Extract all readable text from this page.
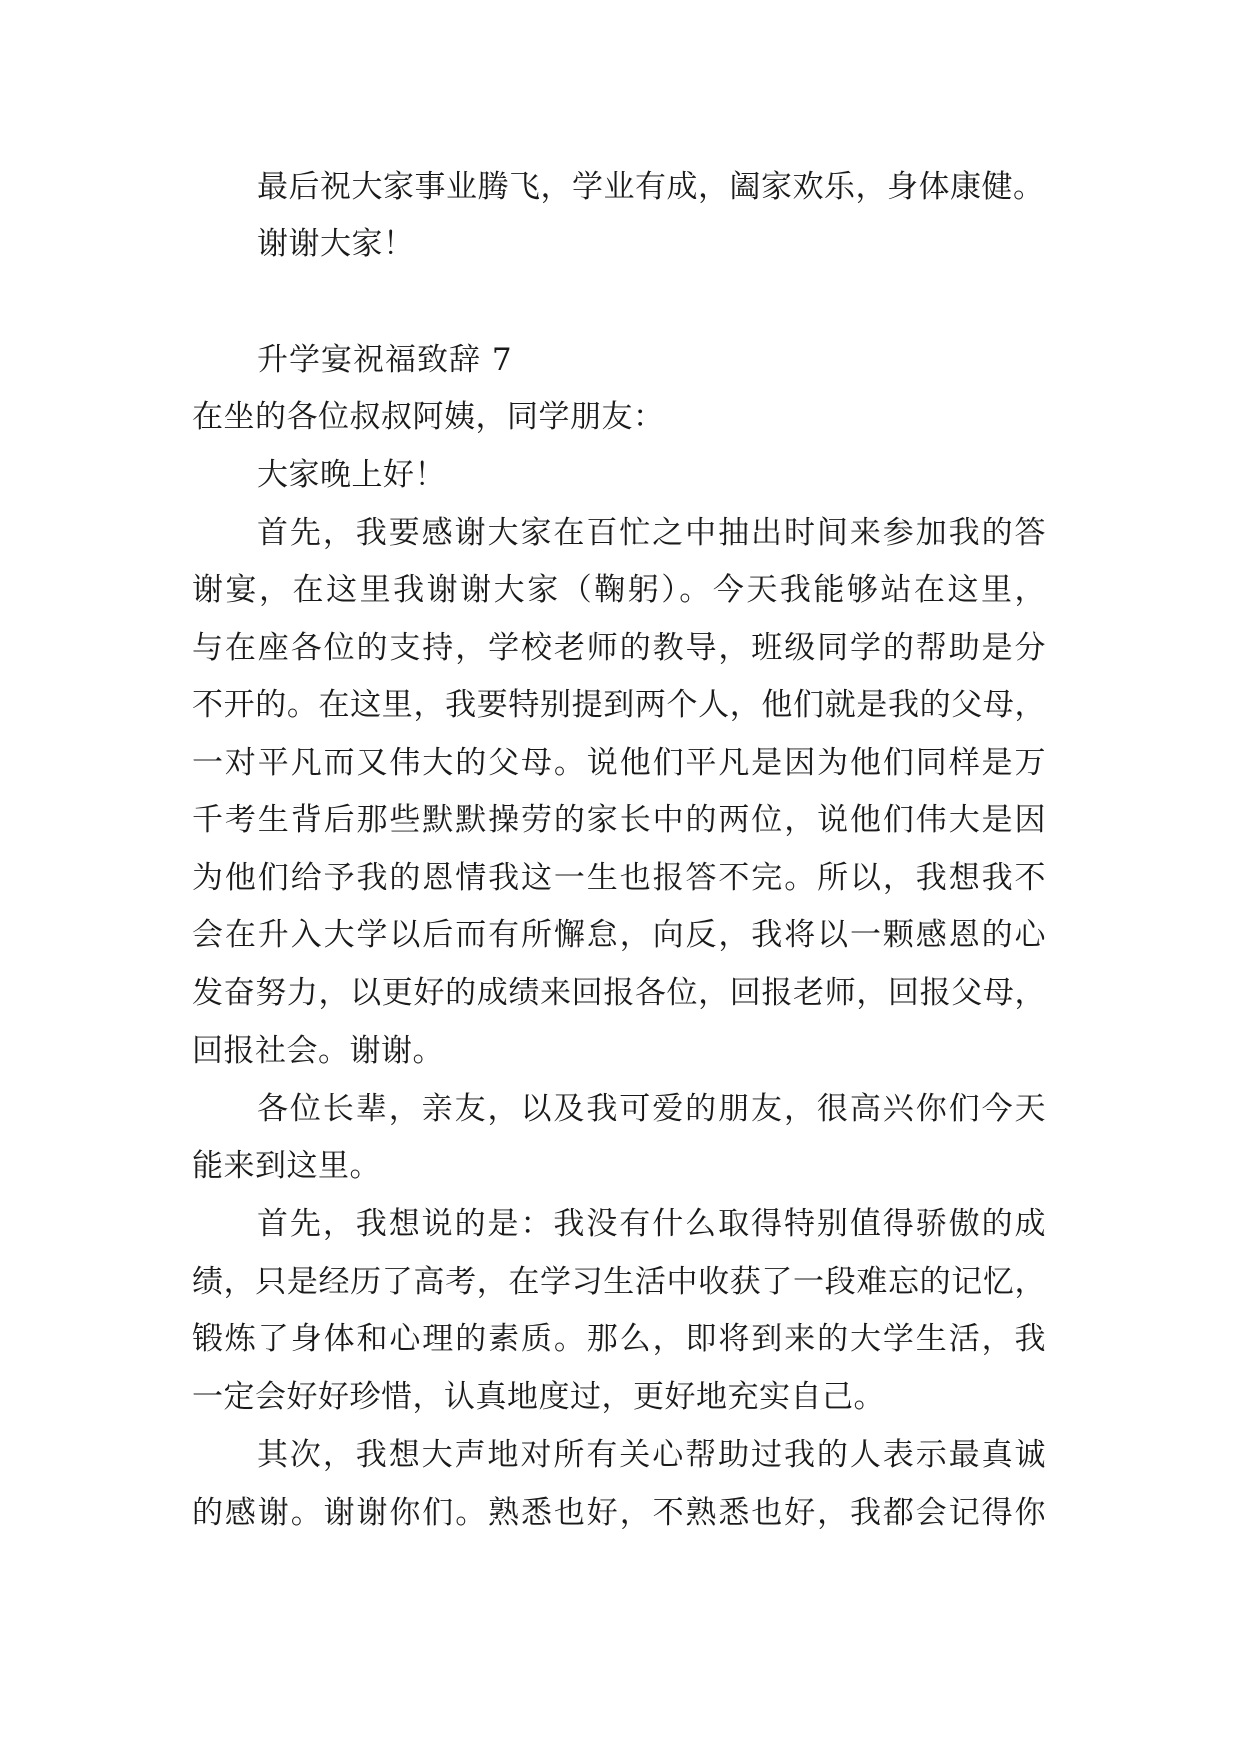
最后祝大家事业腾飞，学业有成，阖家欢乐，身体康健。
谢谢大家！
升学宴祝福致辞 7
在坐的各位叔叔阿姨，同学朋友：
大家晚上好！
首先，我要感谢大家在百忙之中抽出时间来参加我的答
谢宴，在这里我谢谢大家（鞠躬）。今天我能够站在这里，
与在座各位的支持，学校老师的教导，班级同学的帮助是分
不开的。在这里，我要特别提到两个人，他们就是我的父母，
一对平凡而又伟大的父母。说他们平凡是因为他们同样是万
千考生背后那些默默操劳的家长中的两位，说他们伟大是因
为他们给予我的恩情我这一生也报答不完。所以，我想我不
会在升入大学以后而有所懈怠，向反，我将以一颗感恩的心
发奋努力，以更好的成绩来回报各位，回报老师，回报父母，
回报社会。谢谢。
各位长辈，亲友，以及我可爱的朋友，很高兴你们今天
能来到这里。
首先，我想说的是：我没有什么取得特别值得骄傲的成
绩，只是经历了高考，在学习生活中收获了一段难忘的记忆，
锻炼了身体和心理的素质。那么，即将到来的大学生活，我
一定会好好珍惜，认真地度过，更好地充实自己。
其次，我想大声地对所有关心帮助过我的人表示最真诚
的感谢。谢谢你们。熟悉也好，不熟悉也好，我都会记得你
